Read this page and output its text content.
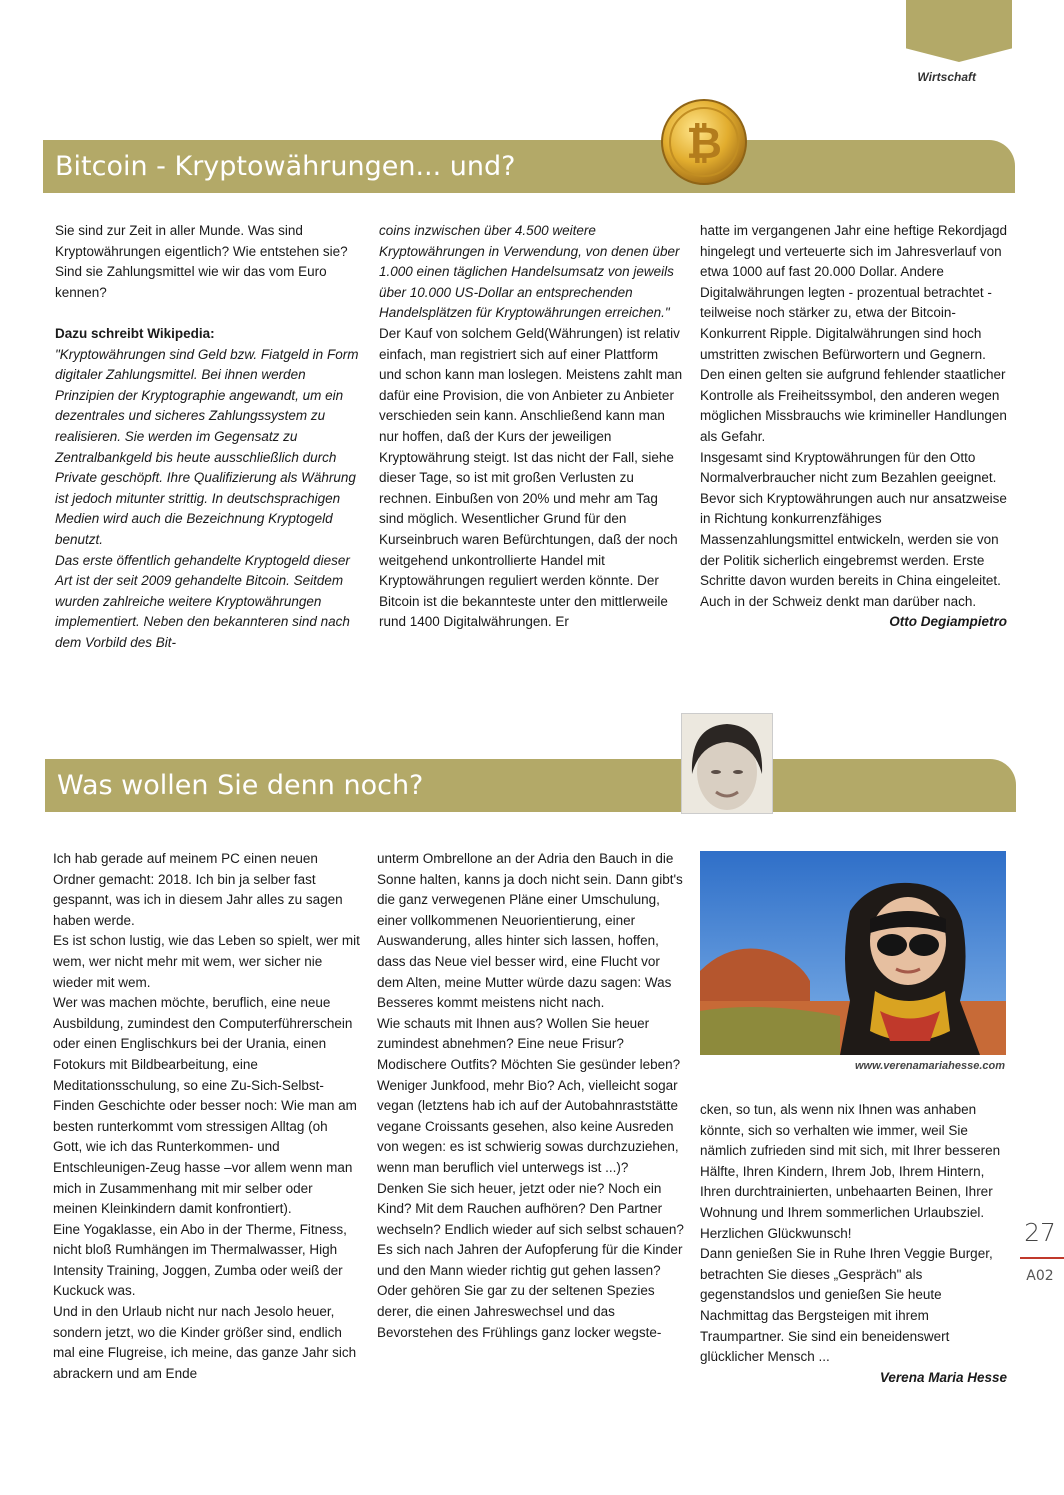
Wirtschaft
Bitcoin - Kryptowährungen... und?	₿

Sie sind zur Zeit in aller Munde. Was sind Kryptowährungen eigentlich? Wie entstehen sie? Sind sie Zahlungsmittel wie wir das vom Euro kennen?

Dazu schreibt Wikipedia:

"Kryptowährungen sind Geld bzw. Fiatgeld in Form digitaler Zahlungsmittel. Bei ihnen werden Prinzipien der Kryptographie angewandt, um ein dezentrales und sicheres Zahlungssystem zu realisieren. Sie werden im Gegensatz zu Zentralbankgeld bis heute ausschließlich durch Private geschöpft. Ihre Qualifizierung als Währung ist jedoch mitunter strittig. In deutschsprachigen Medien wird auch die Bezeichnung Kryptogeld benutzt.

Das erste öffentlich gehandelte Kryptogeld dieser Art ist der seit 2009 gehandelte Bitcoin. Seitdem wurden zahlreiche weitere Kryptowährungen implementiert. Neben den bekannteren sind nach dem Vorbild des Bit-

coins inzwischen über 4.500 weitere Kryptowährungen in Verwendung, von denen über 1.000 einen täglichen Handelsumsatz von jeweils über 10.000 US-Dollar an entsprechenden Handelsplätzen für Kryptowährungen erreichen."

Der Kauf von solchem Geld(Währungen) ist relativ einfach, man registriert sich auf einer Plattform und schon kann man loslegen. Meistens zahlt man dafür eine Provision, die von Anbieter zu Anbieter verschieden sein kann. Anschließend kann man nur hoffen, daß der Kurs der jeweiligen Kryptowährung steigt. Ist das nicht der Fall, siehe dieser Tage, so ist mit großen Verlusten zu rechnen. Einbußen von 20% und mehr am Tag sind möglich. Wesentlicher Grund für den Kurseinbruch waren Befürchtungen, daß der noch weitgehend unkontrollierte Handel mit Kryptowährungen reguliert werden könnte. Der Bitcoin ist die bekannteste unter den mittlerweile rund 1400 Digitalwährungen. Er

hatte im vergangenen Jahr eine heftige Rekordjagd hingelegt und verteuerte sich im Jahresverlauf von etwa 1000 auf fast 20.000 Dollar. Andere Digitalwährungen legten - prozentual betrachtet - teilweise noch stärker zu, etwa der Bitcoin-Konkurrent Ripple. Digitalwährungen sind hoch umstritten zwischen Befürwortern und Gegnern. Den einen gelten sie aufgrund fehlender staatlicher Kontrolle als Freiheitssymbol, den anderen wegen möglichen Missbrauchs wie krimineller Handlungen als Gefahr.

Insgesamt sind Kryptowährungen für den Otto Normalverbraucher nicht zum Bezahlen geeignet. Bevor sich Kryptowährungen auch nur ansatzweise in Richtung konkurrenzfähiges Massenzahlungsmittel entwickeln, werden sie von der Politik sicherlich eingebremst werden. Erste Schritte davon wurden bereits in China eingeleitet. Auch in der Schweiz denkt man darüber nach.

Otto Degiampietro

Was wollen Sie denn noch?

Ich hab gerade auf meinem PC einen neuen Ordner gemacht: 2018. Ich bin ja selber fast gespannt, was ich in diesem Jahr alles zu sagen haben werde.

Es ist schon lustig, wie das Leben so spielt, wer mit wem, wer nicht mehr mit wem, wer sicher nie wieder mit wem.

Wer was machen möchte, beruflich, eine neue Ausbildung, zumindest den Computerführerschein oder einen Englischkurs bei der Urania, einen Fotokurs mit Bildbearbeitung, eine Meditationsschulung, so eine Zu-Sich-Selbst-Finden Geschichte oder besser noch: Wie man am besten runterkommt vom stressigen Alltag (oh Gott, wie ich das Runterkommen- und Entschleunigen-Zeug hasse –vor allem wenn man mich in Zusammenhang mit mir selber oder meinen Kleinkindern damit konfrontiert).

Eine Yogaklasse, ein Abo in der Therme, Fitness, nicht bloß Rumhängen im Thermalwasser, High Intensity Training, Joggen, Zumba oder weiß der Kuckuck was.

Und in den Urlaub nicht nur nach Jesolo heuer, sondern jetzt, wo die Kinder größer sind, endlich mal eine Flugreise, ich meine, das ganze Jahr sich abrackern und am Ende

unterm Ombrellone an der Adria den Bauch in die Sonne halten, kanns ja doch nicht sein. Dann gibt's die ganz verwegenen Pläne einer Umschulung, einer vollkommenen Neuorientierung, einer Auswanderung, alles hinter sich lassen, hoffen, dass das Neue viel besser wird, eine Flucht vor dem Alten, meine Mutter würde dazu sagen: Was Besseres kommt meistens nicht nach.

Wie schauts mit Ihnen aus? Wollen Sie heuer zumindest abnehmen? Eine neue Frisur? Modischere Outfits? Möchten Sie gesünder leben? Weniger Junkfood, mehr Bio? Ach, vielleicht sogar vegan (letztens hab ich auf der Autobahnraststätte vegane Croissants gesehen, also keine Ausreden von wegen: es ist schwierig sowas durchzuziehen, wenn man beruflich viel unterwegs ist ...)?

Denken Sie sich heuer, jetzt oder nie? Noch ein Kind? Mit dem Rauchen aufhören? Den Partner wechseln? Endlich wieder auf sich selbst schauen? Es sich nach Jahren der Aufopferung für die Kinder und den Mann wieder richtig gut gehen lassen?

Oder gehören Sie gar zu der seltenen Spezies derer, die einen Jahreswechsel und das Bevorstehen des Frühlings ganz locker wegste-

www.verenamariahesse.com

cken, so tun, als wenn nix Ihnen was anhaben könnte, sich so verhalten wie immer, weil Sie nämlich zufrieden sind mit sich, mit Ihrer besseren Hälfte, Ihren Kindern, Ihrem Job, Ihrem Hintern, Ihren durchtrainierten, unbehaarten Beinen, Ihrer Wohnung und Ihrem sommerlichen Urlaubsziel. Herzlichen Glückwunsch!

Dann genießen Sie in Ruhe Ihren Veggie Burger, betrachten Sie dieses „Gespräch" als gegenstandslos und genießen Sie heute Nachmittag das Bergsteigen mit ihrem Traumpartner. Sie sind ein beneidenswert glücklicher Mensch ...

Verena Maria Hesse

27
A02
